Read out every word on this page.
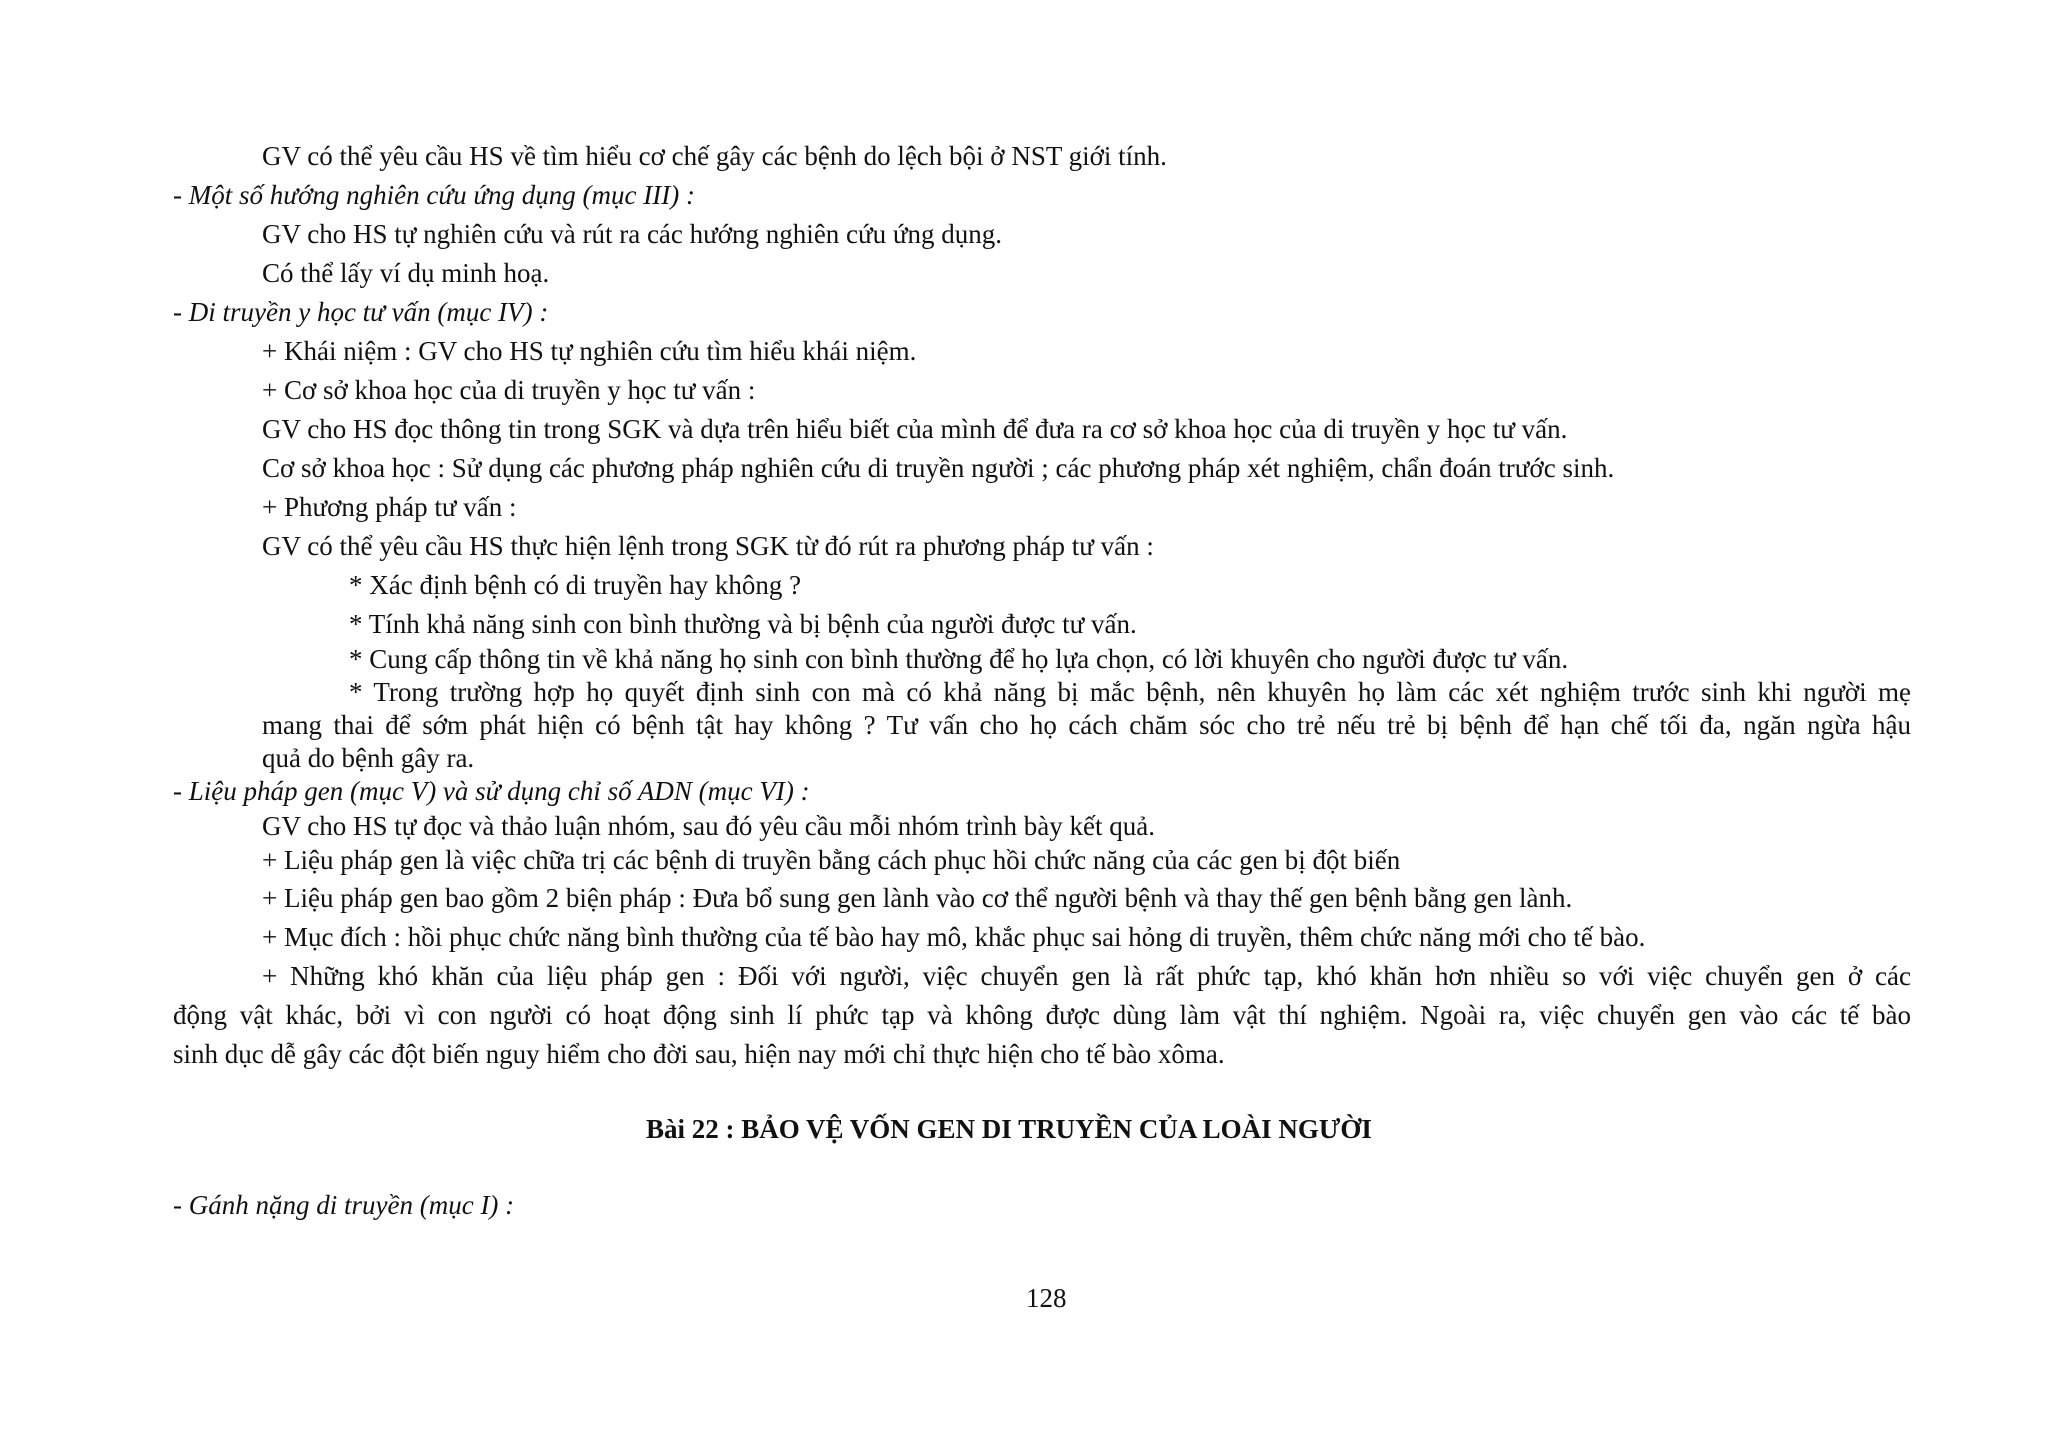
GV có thể yêu cầu HS về tìm hiểu cơ chế gây các bệnh do lệch bội ở NST giới tính.
- Một số hướng nghiên cứu ứng dụng (mục III) :
GV cho HS tự nghiên cứu và rút ra các hướng nghiên cứu ứng dụng.
Có thể lấy ví dụ minh hoạ.
- Di truyền y học tư vấn (mục IV) :
+ Khái niệm : GV cho HS tự nghiên cứu tìm hiểu khái niệm.
+ Cơ sở khoa học của di truyền y học tư vấn :
GV cho HS đọc thông tin trong SGK và dựa trên hiểu biết của mình để đưa ra cơ sở khoa học của di truyền y học tư vấn.
Cơ sở khoa học : Sử dụng các phương pháp nghiên cứu di truyền người ; các phương pháp xét nghiệm, chẩn đoán trước sinh.
+ Phương pháp tư vấn :
GV có thể yêu cầu HS thực hiện lệnh trong SGK từ đó rút ra phương pháp tư vấn :
* Xác định bệnh có di truyền hay không ?
* Tính khả năng sinh con bình thường và bị bệnh của người được tư vấn.
* Cung cấp thông tin về khả năng họ sinh con bình thường để họ lựa chọn, có lời khuyên cho người được tư vấn.
* Trong trường hợp họ quyết định sinh con mà có khả năng bị mắc bệnh, nên khuyên họ làm các xét nghiệm trước sinh khi người mẹ
mang thai để sớm phát hiện có bệnh tật hay không ? Tư vấn cho họ cách chăm sóc cho trẻ nếu trẻ bị bệnh để hạn chế tối đa, ngăn ngừa hậu
quả do bệnh gây ra.
- Liệu pháp gen (mục V) và sử dụng chỉ số ADN (mục VI) :
GV cho HS tự đọc và thảo luận nhóm, sau đó yêu cầu mỗi nhóm trình bày kết quả.
+ Liệu pháp gen là việc chữa trị các bệnh di truyền bằng cách phục hồi chức năng của các gen bị đột biến
+ Liệu pháp gen bao gồm 2 biện pháp : Đưa bổ sung gen lành vào cơ thể người bệnh và thay thế gen bệnh bằng gen lành.
+ Mục đích : hồi phục chức năng bình thường của tế bào hay mô, khắc phục sai hỏng di truyền, thêm chức năng mới cho tế bào.
+ Những khó khăn của liệu pháp gen : Đối với người, việc chuyển gen là rất phức tạp, khó khăn hơn nhiều so với việc chuyển gen ở các
động vật khác, bởi vì con người có hoạt động sinh lí phức tạp và không được dùng làm vật thí nghiệm. Ngoài ra, việc chuyển gen vào các tế bào
sinh dục dễ gây các đột biến nguy hiểm cho đời sau, hiện nay mới chỉ thực hiện cho tế bào xôma.
Bài 22 : BẢO VỆ VỐN GEN DI TRUYỀN CỦA LOÀI NGƯỜI
- Gánh nặng di truyền (mục I) :
128
